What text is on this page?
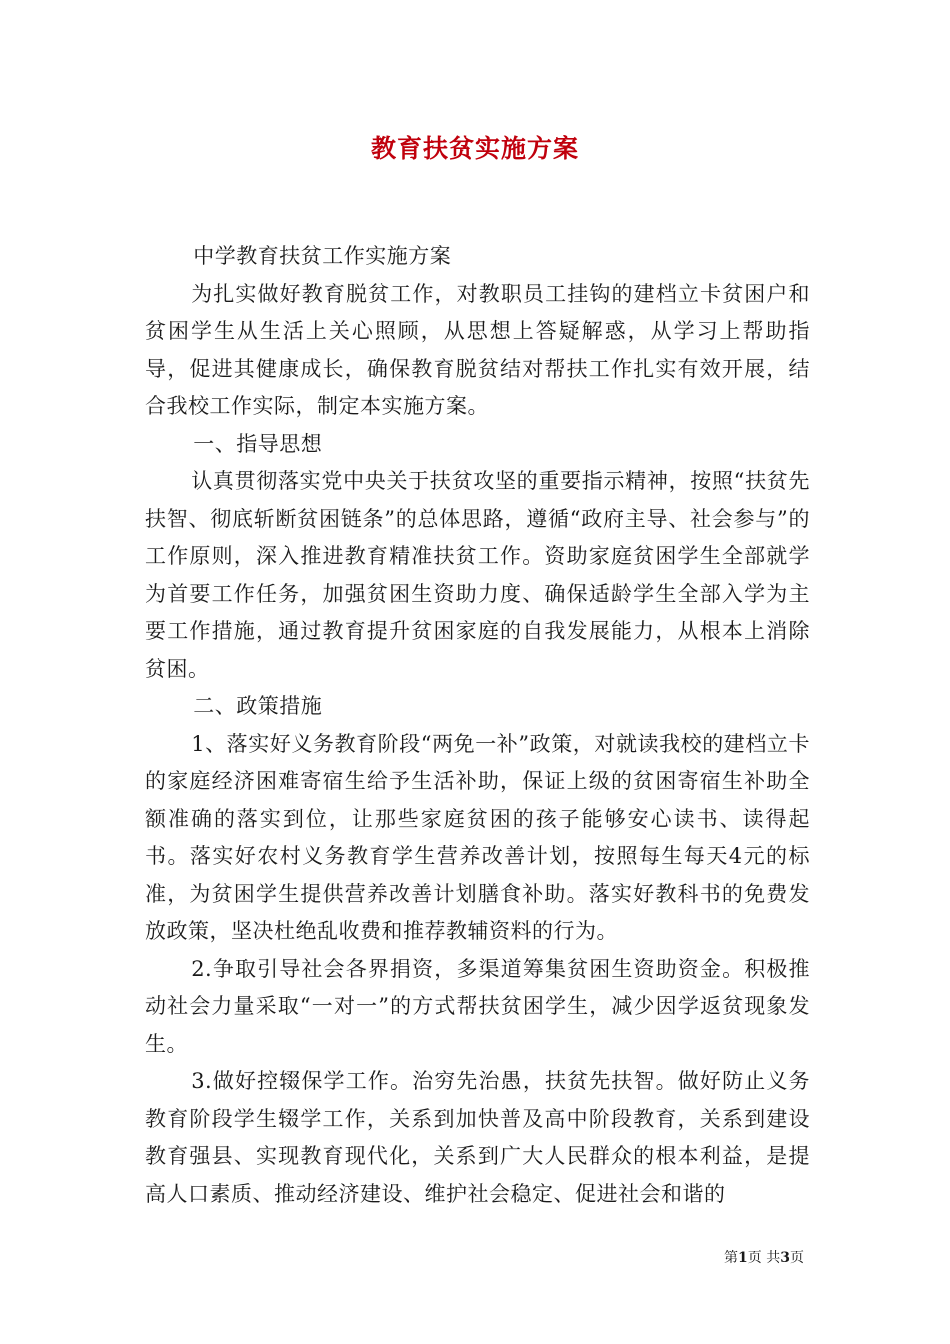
教育扶贫实施方案

中学教育扶贫工作实施方案

为扎实做好教育脱贫工作，对教职员工挂钩的建档立卡贫困户和贫困学生从生活上关心照顾，从思想上答疑解惑，从学习上帮助指导，促进其健康成长，确保教育脱贫结对帮扶工作扎实有效开展，结合我校工作实际，制定本实施方案。

一、指导思想

认真贯彻落实党中央关于扶贫攻坚的重要指示精神，按照“扶贫先扶智、彻底斩断贫困链条”的总体思路，遵循“政府主导、社会参与”的工作原则，深入推进教育精准扶贫工作。资助家庭贫困学生全部就学为首要工作任务，加强贫困生资助力度、确保适龄学生全部入学为主要工作措施，通过教育提升贫困家庭的自我发展能力，从根本上消除贫困。

二、政策措施

1、落实好义务教育阶段“两免一补”政策，对就读我校的建档立卡的家庭经济困难寄宿生给予生活补助，保证上级的贫困寄宿生补助全额准确的落实到位，让那些家庭贫困的孩子能够安心读书、读得起书。落实好农村义务教育学生营养改善计划，按照每生每天4元的标准，为贫困学生提供营养改善计划膳食补助。落实好教科书的免费发放政策，坚决杜绝乱收费和推荐教辅资料的行为。

2.争取引导社会各界捐资，多渠道筹集贫困生资助资金。积极推动社会力量采取“一对一”的方式帮扶贫困学生，减少因学返贫现象发生。

3.做好控辍保学工作。治穷先治愚，扶贫先扶智。做好防止义务教育阶段学生辍学工作，关系到加快普及高中阶段教育，关系到建设教育强县、实现教育现代化，关系到广大人民群众的根本利益，是提高人口素质、推动经济建设、维护社会稳定、促进社会和谐的

第1页 共3页
